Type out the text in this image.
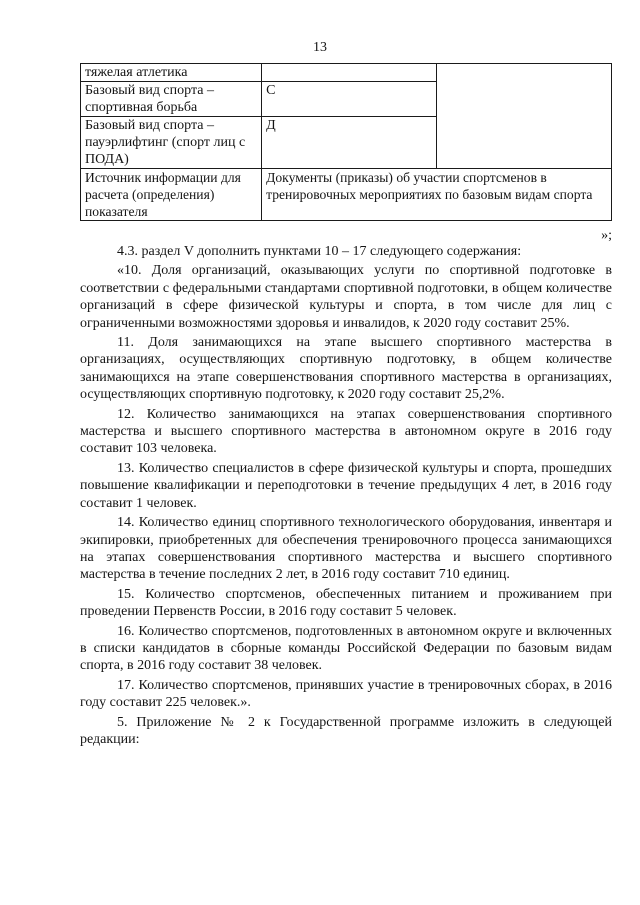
13
тяжелая атлетика		
Базовый вид спорта – спортивная борьба	С	
Базовый вид спорта – пауэрлифтинг (спорт лиц с ПОДА)	Д	
Источник информации для расчета (определения) показателя	Документы (приказы) об участии спортсменов в тренировочных мероприятиях по базовым видам спорта	
»;

4.3. раздел V дополнить пунктами 10 – 17 следующего содержания:

«10. Доля организаций, оказывающих услуги по спортивной подготовке в соответствии с федеральными стандартами спортивной подготовки, в общем количестве организаций в сфере физической культуры и спорта, в том числе для лиц с ограниченными возможностями здоровья и инвалидов, к 2020 году составит 25%.

11. Доля занимающихся на этапе высшего спортивного мастерства в организациях, осуществляющих спортивную подготовку, в общем количестве занимающихся на этапе совершенствования спортивного мастерства в организациях, осуществляющих спортивную подготовку, к 2020 году составит 25,2%.

12. Количество занимающихся на этапах совершенствования спортивного мастерства и высшего спортивного мастерства в автономном округе в 2016 году составит 103 человека.

13. Количество специалистов в сфере физической культуры и спорта, прошедших повышение квалификации и переподготовки в течение предыдущих 4 лет, в 2016 году составит 1 человек.

14. Количество единиц спортивного технологического оборудования, инвентаря и экипировки, приобретенных для обеспечения тренировочного процесса занимающихся на этапах совершенствования спортивного мастерства и высшего спортивного мастерства в течение последних 2 лет, в 2016 году составит 710 единиц.

15. Количество спортсменов, обеспеченных питанием и проживанием при проведении Первенств России, в 2016 году составит 5 человек.

16. Количество спортсменов, подготовленных в автономном округе и включенных в списки кандидатов в сборные команды Российской Федерации по базовым видам спорта, в 2016 году составит 38 человек.

17. Количество спортсменов, принявших участие в тренировочных сборах, в 2016 году составит 225 человек.».

5. Приложение № 2 к Государственной программе изложить в следующей редакции:
